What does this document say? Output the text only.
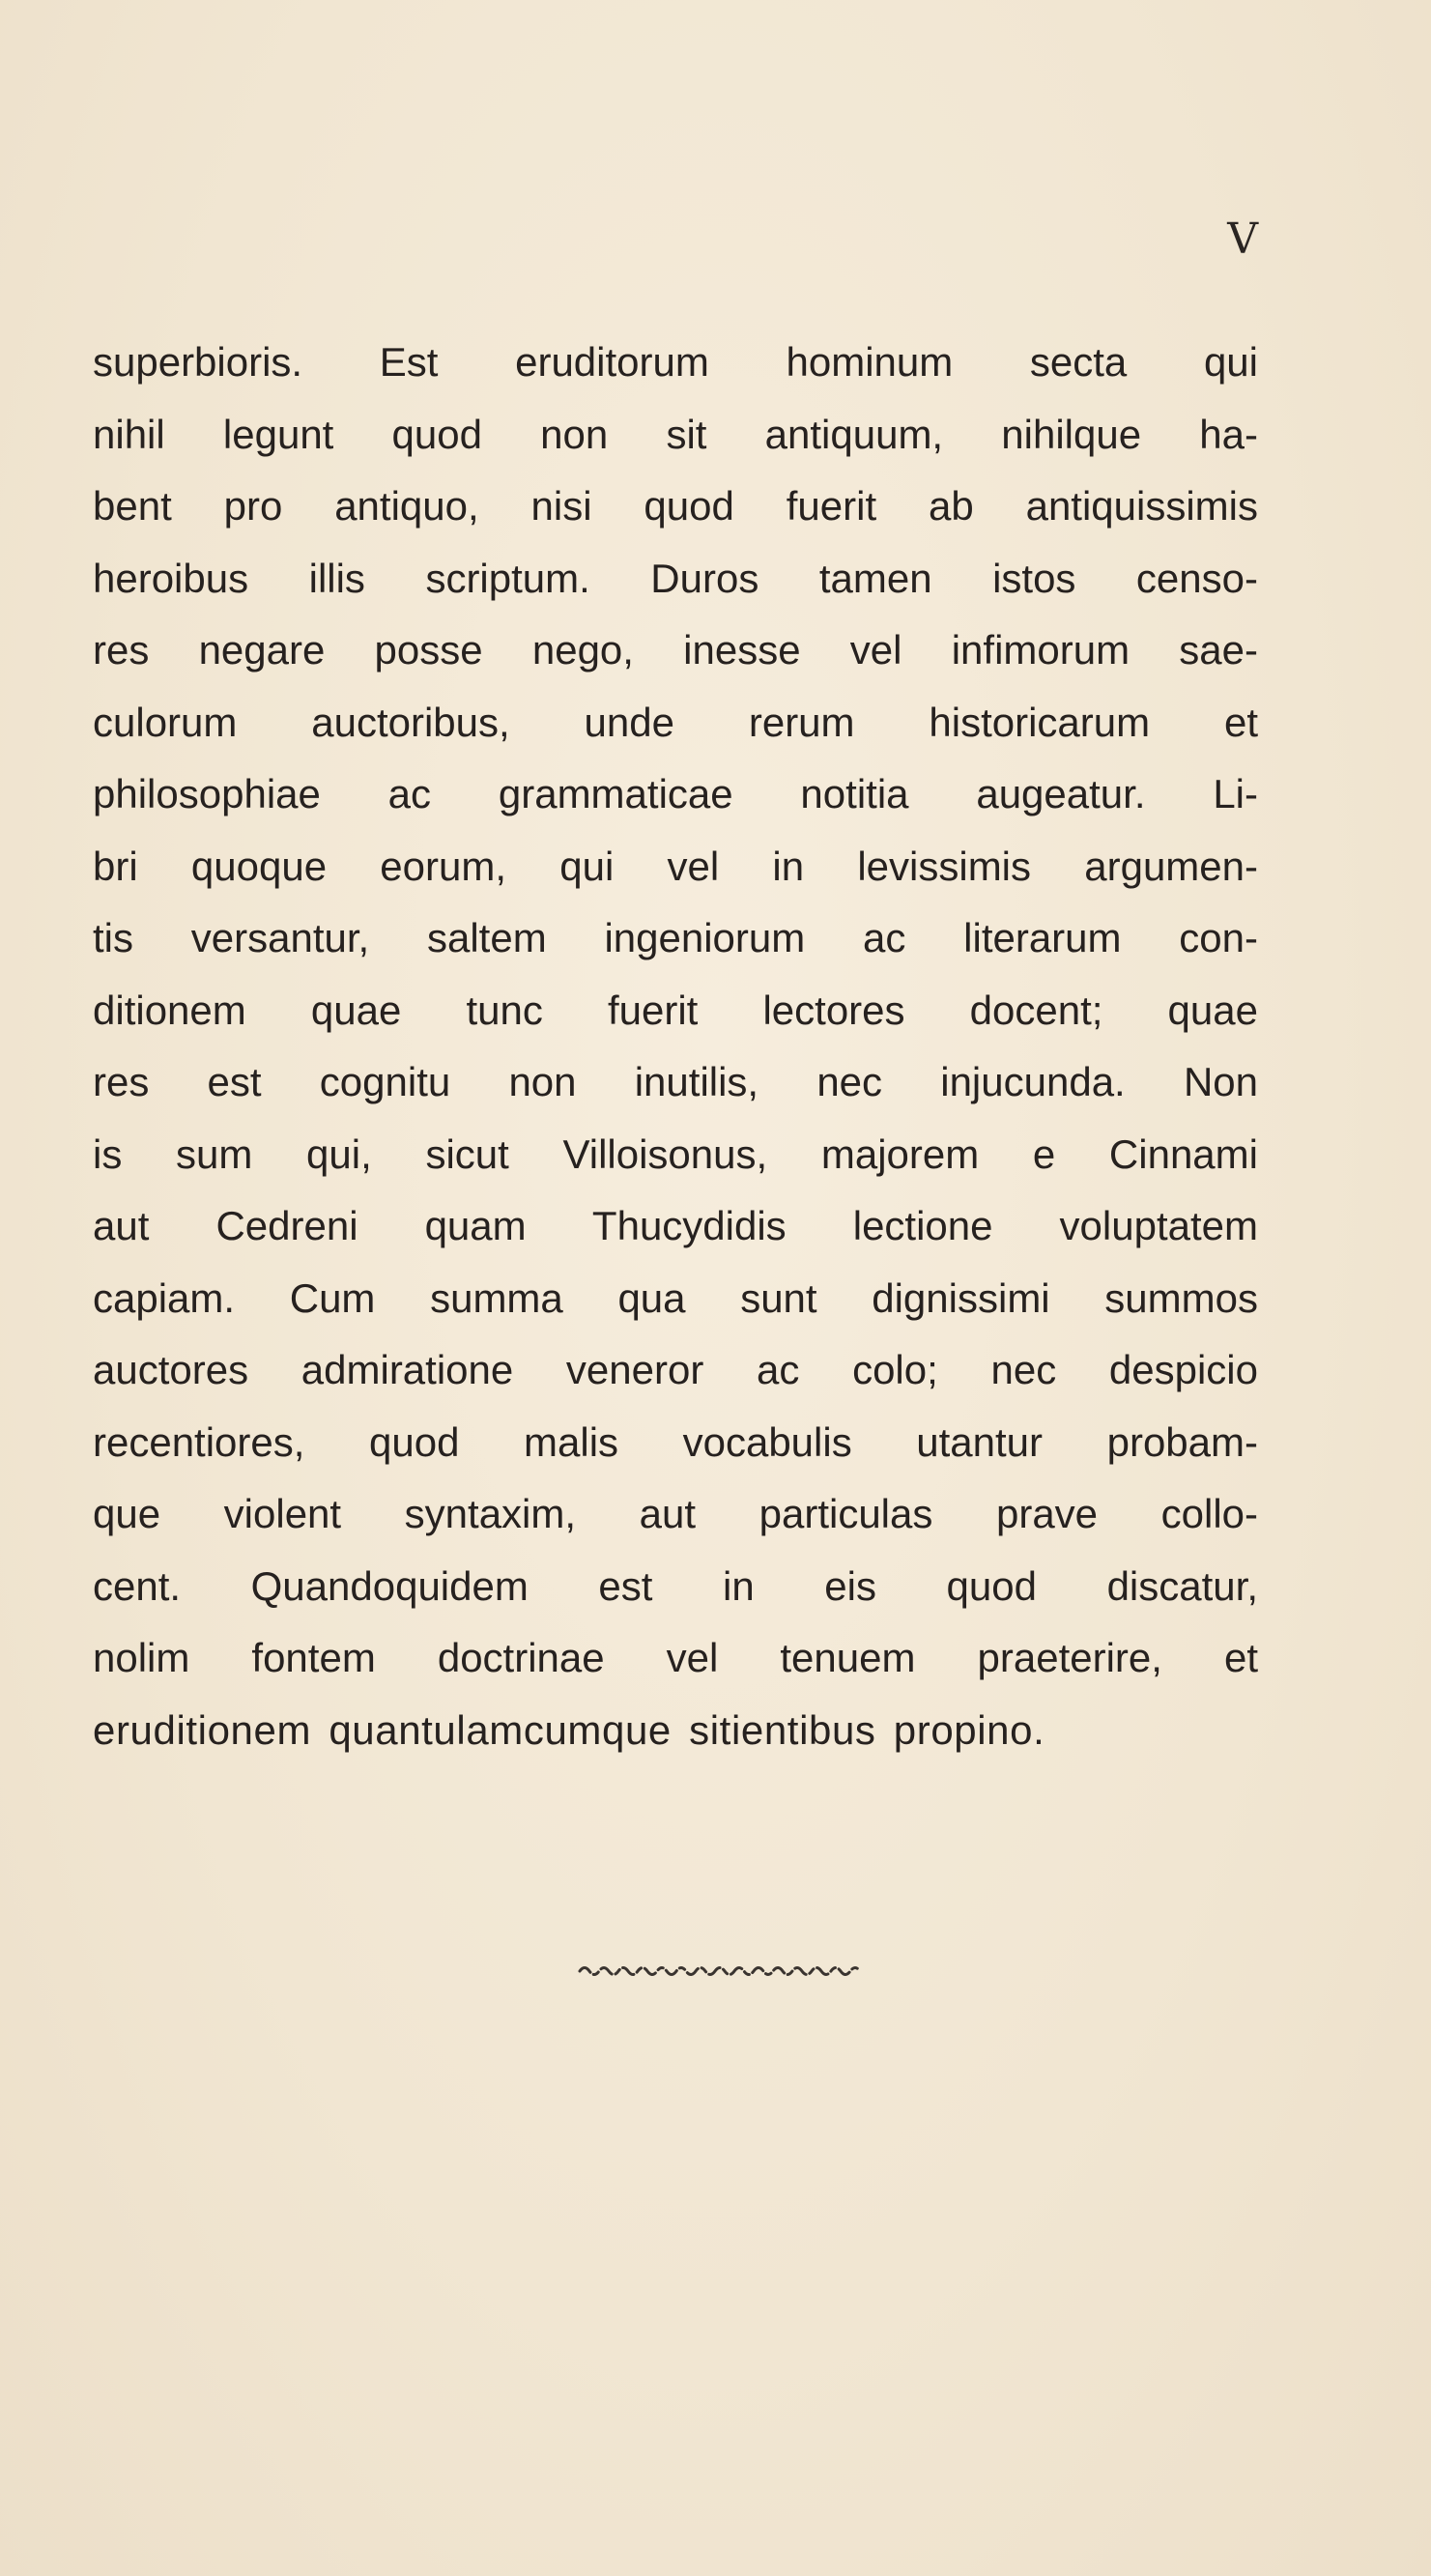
V
superbioris. Est eruditorum hominum secta qui
nihil legunt quod non sit antiquum, nihilque ha-
bent pro antiquo, nisi quod fuerit ab antiquissimis
heroibus illis scriptum. Duros tamen istos censo-
res negare posse nego, inesse vel infimorum sae-
culorum auctoribus, unde rerum historicarum et
philosophiae ac grammaticae notitia augeatur. Li-
bri quoque eorum, qui vel in levissimis argumen-
tis versantur, saltem ingeniorum ac literarum con-
ditionem quae tunc fuerit lectores docent; quae
res est cognitu non inutilis, nec injucunda. Non
is sum qui, sicut Villoisonus, majorem e Cinnami
aut Cedreni quam Thucydidis lectione voluptatem
capiam. Cum summa qua sunt dignissimi summos
auctores admiratione veneror ac colo; nec despicio
recentiores, quod malis vocabulis utantur probam-
que violent syntaxim, aut particulas prave collo-
cent. Quandoquidem est in eis quod discatur,
nolim fontem doctrinae vel tenuem praeterire, et
eruditionem quantulamcumque sitientibus propino.
